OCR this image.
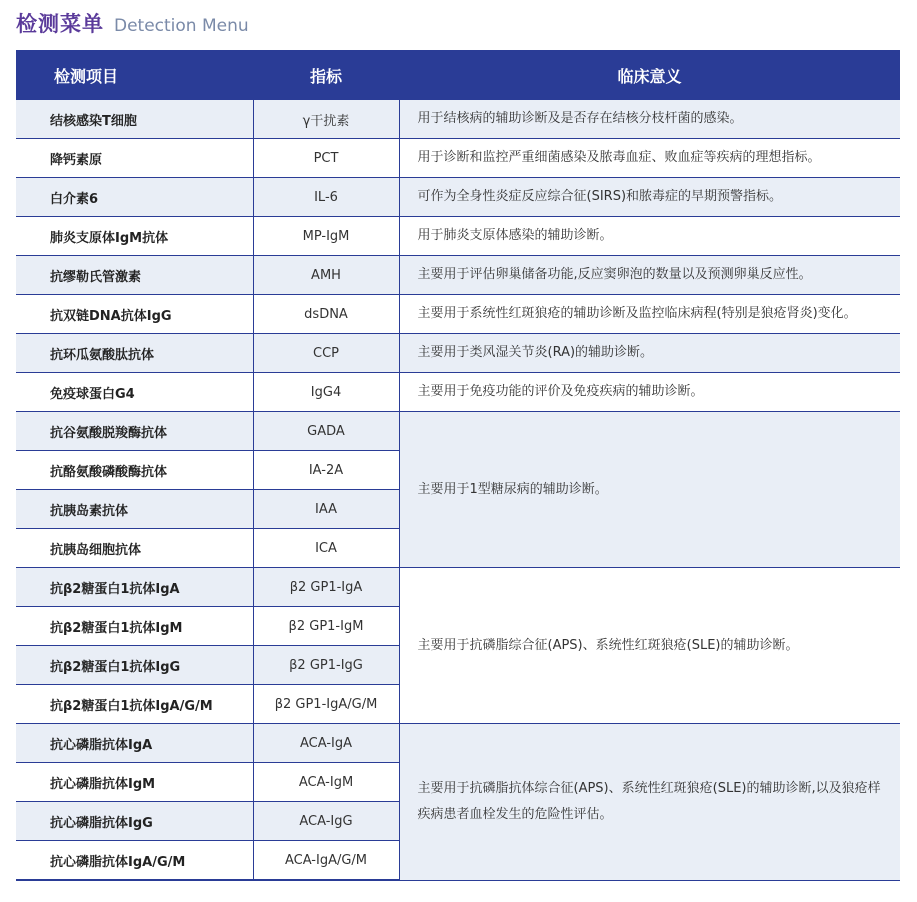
检测菜单 Detection Menu
检测项目	指标	临床意义
结核感染T细胞	γ干扰素	用于结核病的辅助诊断及是否存在结核分枝杆菌的感染。
降钙素原	PCT	用于诊断和监控严重细菌感染及脓毒血症、败血症等疾病的理想指标。
白介素6	IL-6	可作为全身性炎症反应综合征(SIRS)和脓毒症的早期预警指标。
肺炎支原体IgM抗体	MP-IgM	用于肺炎支原体感染的辅助诊断。
抗缪勒氏管激素	AMH	主要用于评估卵巢储备功能,反应窦卵泡的数量以及预测卵巢反应性。
抗双链DNA抗体IgG	dsDNA	主要用于系统性红斑狼疮的辅助诊断及监控临床病程(特别是狼疮肾炎)变化。
抗环瓜氨酸肽抗体	CCP	主要用于类风湿关节炎(RA)的辅助诊断。
免疫球蛋白G4	IgG4	主要用于免疫功能的评价及免疫疾病的辅助诊断。
抗谷氨酸脱羧酶抗体	GADA	主要用于1型糖尿病的辅助诊断。
抗酪氨酸磷酸酶抗体	IA-2A	
抗胰岛素抗体	IAA	
抗胰岛细胞抗体	ICA	
抗β2糖蛋白1抗体IgA	β2 GP1-IgA	主要用于抗磷脂综合征(APS)、系统性红斑狼疮(SLE)的辅助诊断。
抗β2糖蛋白1抗体IgM	β2 GP1-IgM	
抗β2糖蛋白1抗体IgG	β2 GP1-IgG	
抗β2糖蛋白1抗体IgA/G/M	β2 GP1-IgA/G/M	
抗心磷脂抗体IgA	ACA-IgA	主要用于抗磷脂抗体综合征(APS)、系统性红斑狼疮(SLE)的辅助诊断,以及狼疮样疾病患者血栓发生的危险性评估。
抗心磷脂抗体IgM	ACA-IgM	
抗心磷脂抗体IgG	ACA-IgG	
抗心磷脂抗体IgA/G/M	ACA-IgA/G/M	
